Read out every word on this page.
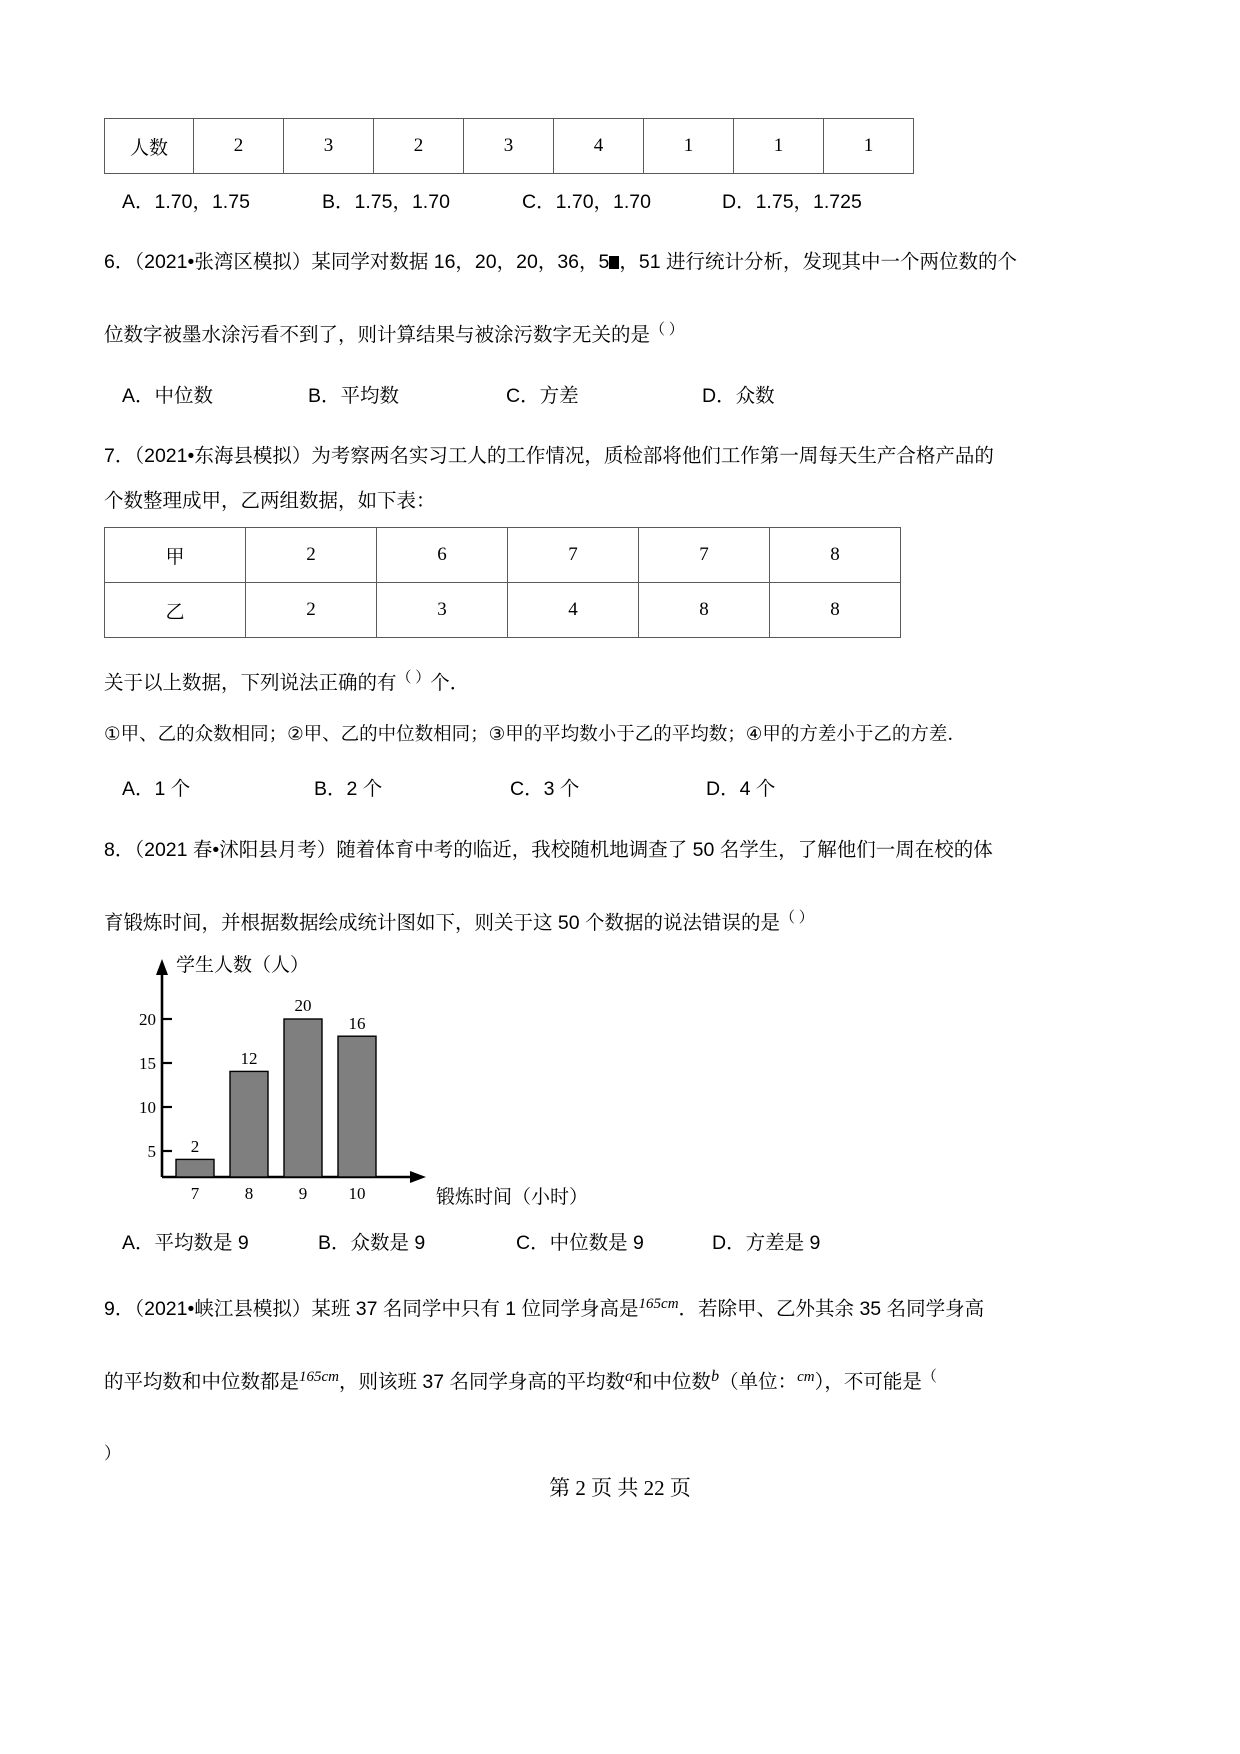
人数	2	3	2	3	4	1	1	1
A．1.70，1.75	B．1.75，1.70	C．1.70，1.70	D．1.75，1.725
6．（2021•张湾区模拟）某同学对数据 16，20，20，36，5 ，51 进行统计分析，发现其中一个两位数的个
位数字被墨水涂污看不到了，则计算结果与被涂污数字无关的是（ ）
A．中位数	B．平均数	C．方差	D．众数
7．（2021•东海县模拟）为考察两名实习工人的工作情况，质检部将他们工作第一周每天生产合格产品的
个数整理成甲，乙两组数据，如下表：
甲	2	6	7	7	8
乙	2	3	4	8	8
关于以上数据，下列说法正确的有（ ）个．
①甲、乙的众数相同；②甲、乙的中位数相同；③甲的平均数小于乙的平均数；④甲的方差小于乙的方差．
A．1 个	B．2 个	C．3 个	D．4 个
8．（2021 春•沭阳县月考）随着体育中考的临近，我校随机地调查了 50 名学生，了解他们一周在校的体
育锻炼时间，并根据数据绘成统计图如下，则关于这 50 个数据的说法错误的是（ ）
5
10
15
20
2
12
20
16
7	8	9 10
学生人数（人）
锻炼时间（小时）
A．平均数是 9	B．众数是 9	C．中位数是 9	D．方差是 9
9．（2021•峡江县模拟）某班 37 名同学中只有 1 位同学身高是$^{165cm}$．若除甲、乙外其余 35 名同学身高
的平均数和中位数都是$^{165cm}$，则该班 37 名同学身高的平均数$^a$和中位数$^b$（单位：$^{cm}$），不可能是（
）
第 2 页 共 22 页
